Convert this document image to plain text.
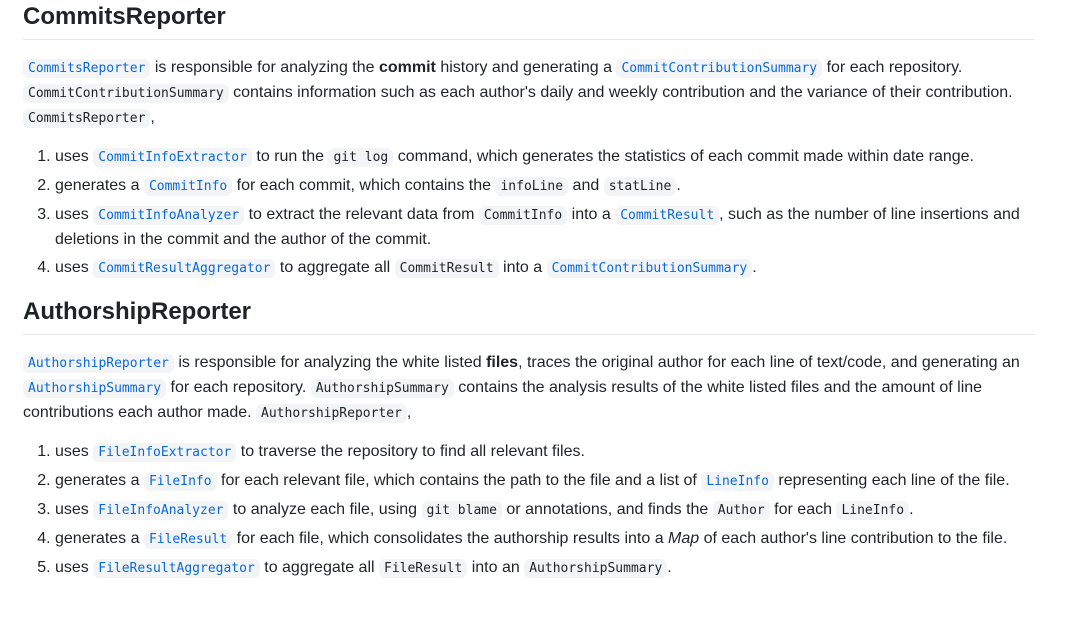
CommitsReporter

CommitsReporter is responsible for analyzing the commit history and generating a CommitContributionSummary for each repository. CommitContributionSummary contains information such as each author's daily and weekly contribution and the variance of their contribution. CommitsReporter ,

1. uses CommitInfoExtractor to run the git log command, which generates the statistics of each commit made within date range.
2. generates a CommitInfo for each commit, which contains the infoLine and statLine .
3. uses CommitInfoAnalyzer to extract the relevant data from CommitInfo into a CommitResult , such as the number of line insertions and deletions in the commit and the author of the commit.
4. uses CommitResultAggregator to aggregate all CommitResult into a CommitContributionSummary .
AuthorshipReporter

AuthorshipReporter is responsible for analyzing the white listed files, traces the original author for each line of text/code, and generating an AuthorshipSummary for each repository. AuthorshipSummary contains the analysis results of the white listed files and the amount of line contributions each author made. AuthorshipReporter ,

1. uses FileInfoExtractor to traverse the repository to find all relevant files.
2. generates a FileInfo for each relevant file, which contains the path to the file and a list of LineInfo representing each line of the file.
3. uses FileInfoAnalyzer to analyze each file, using git blame or annotations, and finds the Author for each LineInfo .
4. generates a FileResult for each file, which consolidates the authorship results into a Map of each author's line contribution to the file.
5. uses FileResultAggregator to aggregate all FileResult into an AuthorshipSummary .
